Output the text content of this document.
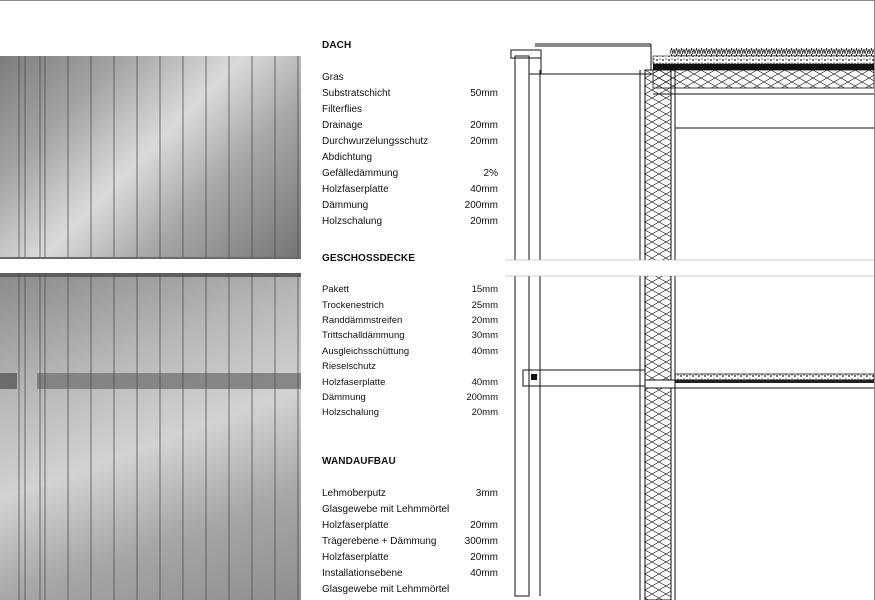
DACH
Gras
Substratschicht	50mm
Filterflies
Drainage	20mm
Durchwurzelungsschutz	20mm
Abdichtung
Gefälledämmung	2%
Holzfaserplatte	40mm
Dämmung	200mm
Holzschalung	20mm
GESCHOSSDECKE
Pakett	15mm
Trockenestrich	25mm
Randdämmstreifen	20mm
Trittschalldämmung	30mm
Ausgleichsschüttung	40mm
Rieselschutz
Holzfaserplatte	40mm
Dämmung	200mm
Holzschalung	20mm
WANDAUFBAU
Lehmoberputz	3mm
Glasgewebe mit Lehmmörtel
Holzfaserplatte	20mm
Trägerebene + Dämmung	300mm
Holzfaserplatte	20mm
Installationsebene	40mm
Glasgewebe mit Lehmmörtel
